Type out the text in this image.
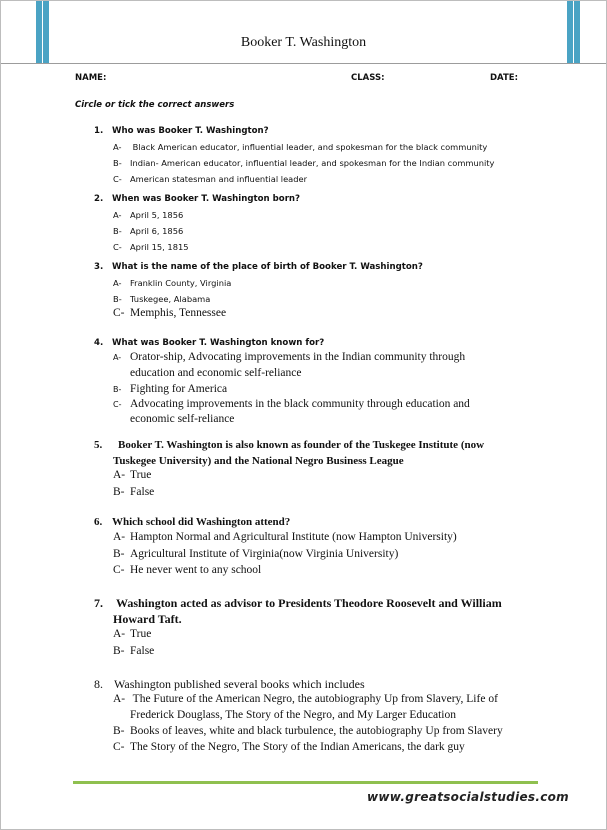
Booker T. Washington
NAME:	CLASS:	DATE:
Circle or tick the correct answers
1. Who was Booker T. Washington?
A- Black American educator, influential leader, and spokesman for the black community
B- Indian- American educator, influential leader, and spokesman for the Indian community
C- American statesman and influential leader
2. When was Booker T. Washington born?
A- April 5, 1856
B- April 6, 1856
C- April 15, 1815
3. What is the name of the place of birth of Booker T. Washington?
A- Franklin County, Virginia
B- Tuskegee, Alabama
C- Memphis, Tennessee
4. What was Booker T. Washington known for?
A- Orator-ship, Advocating improvements in the Indian community through
education and economic self-reliance
B- Fighting for America
C- Advocating improvements in the black community through education and
economic self-reliance
5. Booker T. Washington is also known as founder of the Tuskegee Institute (now
Tuskegee University) and the National Negro Business League
A- True
B- False
6. Which school did Washington attend?
A- Hampton Normal and Agricultural Institute (now Hampton University)
B- Agricultural Institute of Virginia(now Virginia University)
C- He never went to any school
7. Washington acted as advisor to Presidents Theodore Roosevelt and William
Howard Taft.
A- True
B- False
8. Washington published several books which includes
A- The Future of the American Negro, the autobiography Up from Slavery, Life of
Frederick Douglass, The Story of the Negro, and My Larger Education
B- Books of leaves, white and black turbulence, the autobiography Up from Slavery
C- The Story of the Negro, The Story of the Indian Americans, the dark guy
www.greatsocialstudies.com
